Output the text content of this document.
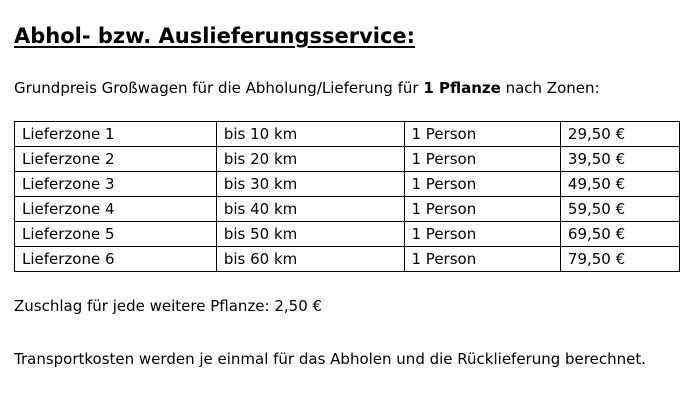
Abhol- bzw. Auslieferungsservice:
Grundpreis Großwagen für die Abholung/Lieferung für 1 Pflanze nach Zonen:
Lieferzone 1	bis 10 km	1 Person	29,50 €
Lieferzone 2	bis 20 km	1 Person	39,50 €
Lieferzone 3	bis 30 km	1 Person	49,50 €
Lieferzone 4	bis 40 km	1 Person	59,50 €
Lieferzone 5	bis 50 km	1 Person	69,50 €
Lieferzone 6	bis 60 km	1 Person	79,50 €
Zuschlag für jede weitere Pflanze: 2,50 €
Transportkosten werden je einmal für das Abholen und die Rücklieferung berechnet.
